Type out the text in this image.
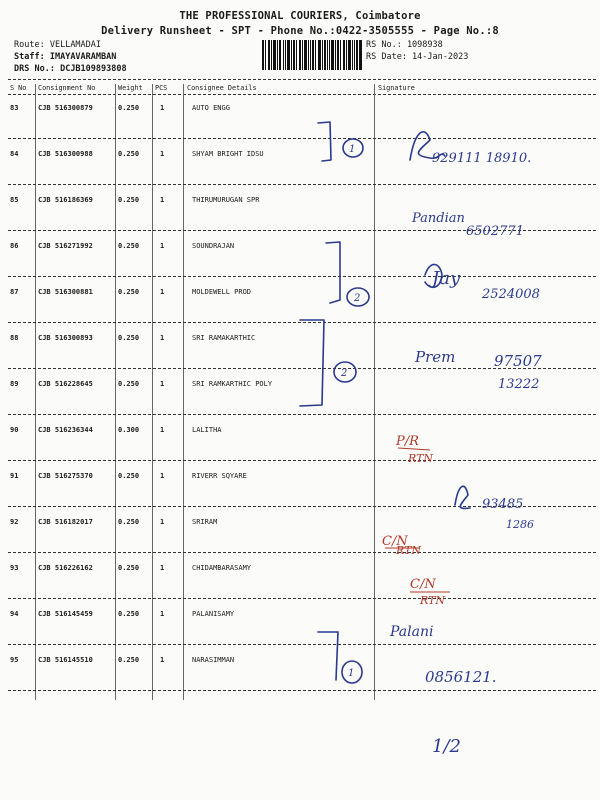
THE PROFESSIONAL COURIERS, Coimbatore
Delivery Runsheet - SPT - Phone No.:0422-3505555 - Page No.:8
Route: VELLAMADAI
Staff: IMAYAVARAMBAN
DRS No.: DCJB109893808
RS No.: 1098938
RS Date: 14-Jan-2023
S No Consignment No	Weight PCS	Consignee Details	Signature
83	CJB 516300879	0.250	1	AUTO ENGG
84	CJB 516300988	0.250	1	SHYAM BRIGHT IDSU
85	CJB 516186369	0.250	1	THIRUMURUGAN SPR
86	CJB 516271992	0.250	1	SOUNDRAJAN
87	CJB 516300881	0.250	1	MOLDEWELL PROD
88	CJB 516300893	0.250	1	SRI RAMAKARTHIC
89	CJB 516228645	0.250	1	SRI RAMKARTHIC POLY
90	CJB 516236344	0.300	1	LALITHA
91	CJB 516275370	0.250	1	RIVERR SQYARE
92	CJB 516182017	0.250	1	SRIRAM
93	CJB 516226162	0.250	1	CHIDAMBARASAMY
94	CJB 516145459	0.250	1	PALANISAMY
95	CJB 516145510	0.250	1	NARASIMMAN
1
2
2
1
929111 18910.
Pandian
6502771
Jay
2524008
Prem	97507
13222
93485
1286
Palani
0856121.
1/2
P/R
RTN
C/N
RTN
C/N
RTN
